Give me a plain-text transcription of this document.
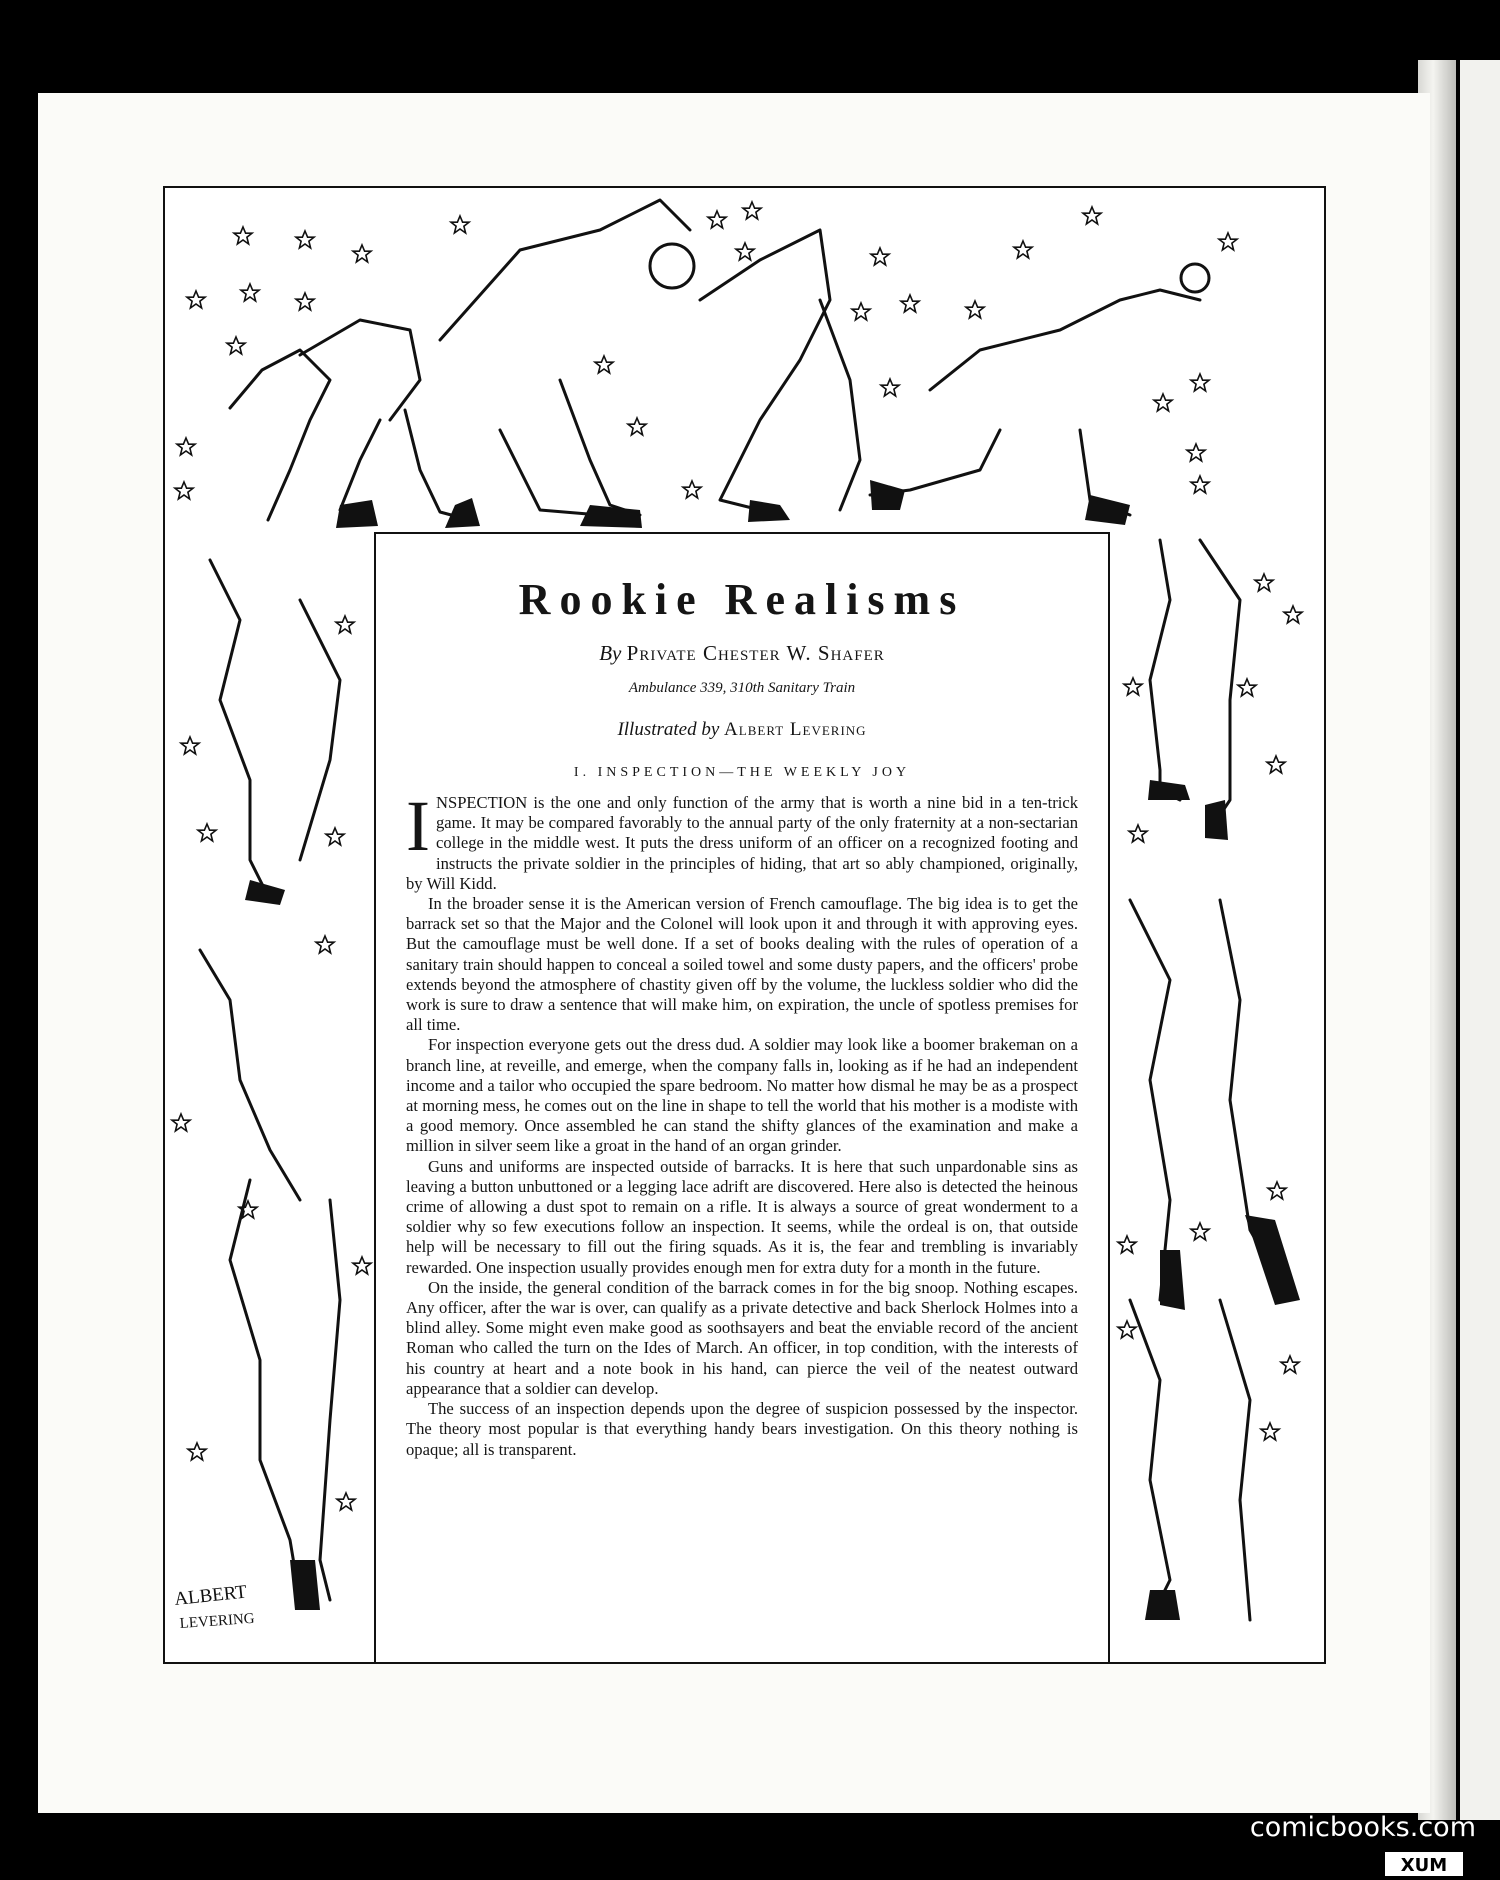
ALBERT
LEVERING
Rookie Realisms
By Private Chester W. Shafer
Ambulance 339, 310th Sanitary Train
Illustrated by Albert Levering
I. INSPECTION—THE WEEKLY JOY

INSPECTION is the one and only function of the army that is worth a nine bid in a ten-trick game. It may be compared favorably to the annual party of the only fraternity at a non-sectarian college in the middle west. It puts the dress uniform of an officer on a recognized footing and instructs the private soldier in the principles of hiding, that art so ably championed, originally, by Will Kidd.

In the broader sense it is the American version of French camouflage. The big idea is to get the barrack set so that the Major and the Colonel will look upon it and through it with approving eyes. But the camouflage must be well done. If a set of books dealing with the rules of operation of a sanitary train should happen to conceal a soiled towel and some dusty papers, and the officers' probe extends beyond the atmosphere of chastity given off by the volume, the luckless soldier who did the work is sure to draw a sentence that will make him, on expiration, the uncle of spotless premises for all time.

For inspection everyone gets out the dress dud. A soldier may look like a boomer brakeman on a branch line, at reveille, and emerge, when the company falls in, looking as if he had an independent income and a tailor who occupied the spare bedroom. No matter how dismal he may be as a prospect at morning mess, he comes out on the line in shape to tell the world that his mother is a modiste with a good memory. Once assembled he can stand the shifty glances of the examination and make a million in silver seem like a groat in the hand of an organ grinder.

Guns and uniforms are inspected outside of barracks. It is here that such unpardonable sins as leaving a button unbuttoned or a legging lace adrift are discovered. Here also is detected the heinous crime of allowing a dust spot to remain on a rifle. It is always a source of great wonderment to a soldier why so few executions follow an inspection. It seems, while the ordeal is on, that outside help will be necessary to fill out the firing squads. As it is, the fear and trembling is invariably rewarded. One inspection usually provides enough men for extra duty for a month in the future.

On the inside, the general condition of the barrack comes in for the big snoop. Nothing escapes. Any officer, after the war is over, can qualify as a private detective and back Sherlock Holmes into a blind alley. Some might even make good as soothsayers and beat the enviable record of the ancient Roman who called the turn on the Ides of March. An officer, in top condition, with the interests of his country at heart and a note book in his hand, can pierce the veil of the neatest outward appearance that a soldier can develop.

The success of an inspection depends upon the degree of suspicion possessed by the inspector. The theory most popular is that everything handy bears investigation. On this theory nothing is opaque; all is transparent.

comicbooks.com
XUM
